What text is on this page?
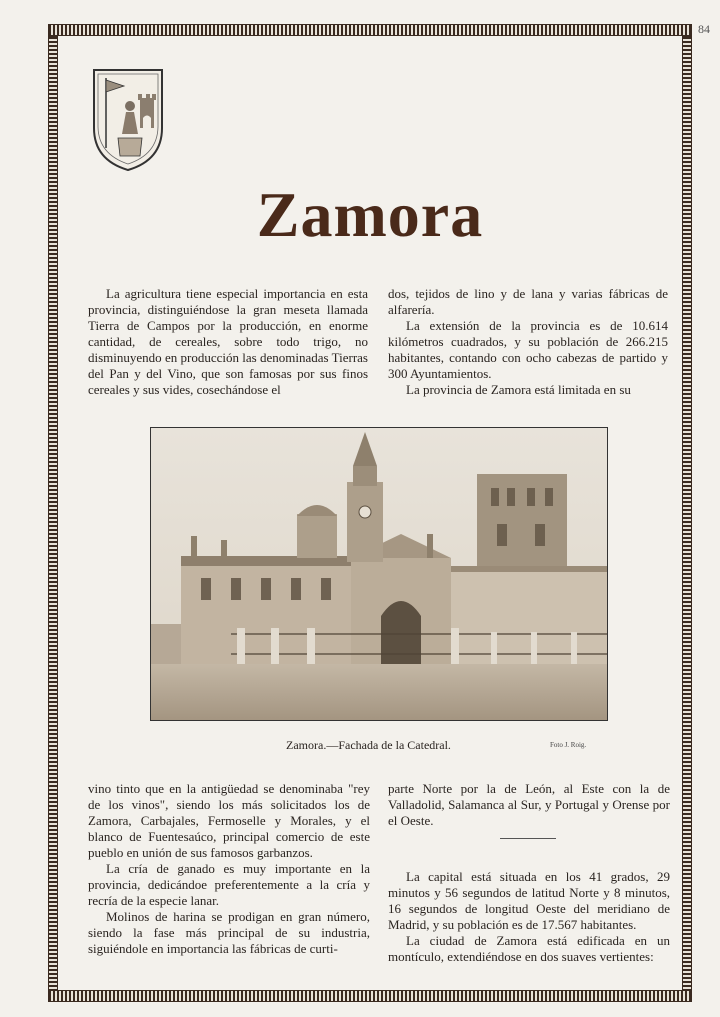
84
Zamora

La agricultura tiene especial importancia en esta provincia, distinguiéndose la gran meseta llamada Tierra de Campos por la producción, en enorme cantidad, de cereales, sobre todo trigo, no disminuyendo en producción las denominadas Tierras del Pan y del Vino, que son famosas por sus finos cereales y sus vides, cosechándose el

dos, tejidos de lino y de lana y varias fábricas de alfarería.

La extensión de la provincia es de 10.614 kilómetros cuadrados, y su población de 266.215 habitantes, contando con ocho cabezas de partido y 300 Ayuntamientos.

La provincia de Zamora está limitada en su

Zamora.—Fachada de la Catedral.	Foto J. Roig.

vino tinto que en la antigüedad se denominaba "rey de los vinos", siendo los más solicitados los de Zamora, Carbajales, Fermoselle y Morales, y el blanco de Fuentesaúco, principal comercio de este pueblo en unión de sus famosos garbanzos.

La cría de ganado es muy importante en la provincia, dedicándoe preferentemente a la cría y recría de la especie lanar.

Molinos de harina se prodigan en gran número, siendo la fase más principal de su industria, siguiéndole en importancia las fábricas de curti-

parte Norte por la de León, al Este con la de Valladolid, Salamanca al Sur, y Portugal y Orense por el Oeste.

La capital está situada en los 41 grados, 29 minutos y 56 segundos de latitud Norte y 8 minutos, 16 segundos de longitud Oeste del meridiano de Madrid, y su población es de 17.567 habitantes.

La ciudad de Zamora está edificada en un montículo, extendiéndose en dos suaves vertientes:
